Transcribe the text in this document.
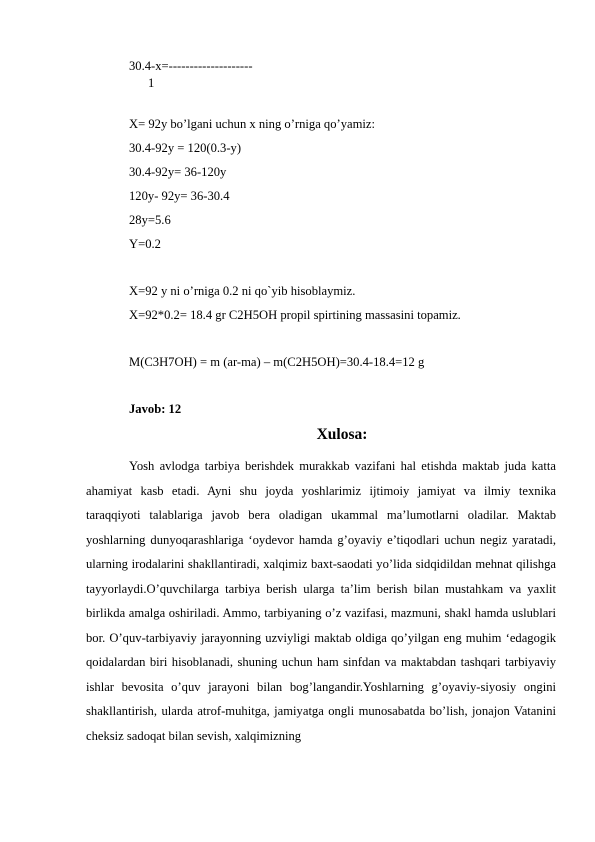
30.4-x=--------------------
1
X= 92y bo’lgani uchun x ning o’rniga qo’yamiz:
30.4-92y = 120(0.3-y)
30.4-92y= 36-120y
120y- 92y= 36-30.4
28y=5.6
Y=0.2
X=92 y ni o’rniga 0.2 ni qo`yib hisoblaymiz.
X=92*0.2= 18.4 gr C2H5OH propil spirtining massasini topamiz.
M(C3H7OH) = m (ar-ma) – m(C2H5OH)=30.4-18.4=12 g
Javob: 12
Xulosa:

Yosh avlodga tarbiya berishdek murakkab vazifani hal etishda maktab juda katta ahamiyat kasb etadi. Ayni shu joyda yoshlarimiz ijtimoiy jamiyat va ilmiy texnika taraqqiyoti talablariga javob bera oladigan ukammal ma’lumotlarni oladilar. Maktab yoshlarning dunyoqarashlariga ‘oydevor hamda g’oyaviy e’tiqodlari uchun negiz yaratadi, ularning irodalarini shakllantiradi, xalqimiz baxt-saodati yo’lida sidqidildan mehnat qilishga tayyorlaydi.O’quvchilarga tarbiya berish ularga ta’lim berish bilan mustahkam va yaxlit birlikda amalga oshiriladi. Ammo, tarbiyaning o’z vazifasi, mazmuni, shakl hamda uslublari bor. O’quv-tarbiyaviy jarayonning uzviyligi maktab oldiga qo’yilgan eng muhim ‘edagogik qoidalardan biri hisoblanadi, shuning uchun ham sinfdan va maktabdan tashqari tarbiyaviy ishlar bevosita o’quv jarayoni bilan bog’langandir.Yoshlarning g’oyaviy-siyosiy ongini shakllantirish, ularda atrof-muhitga, jamiyatga ongli munosabatda bo’lish, jonajon Vatanini cheksiz sadoqat bilan sevish, xalqimizning
